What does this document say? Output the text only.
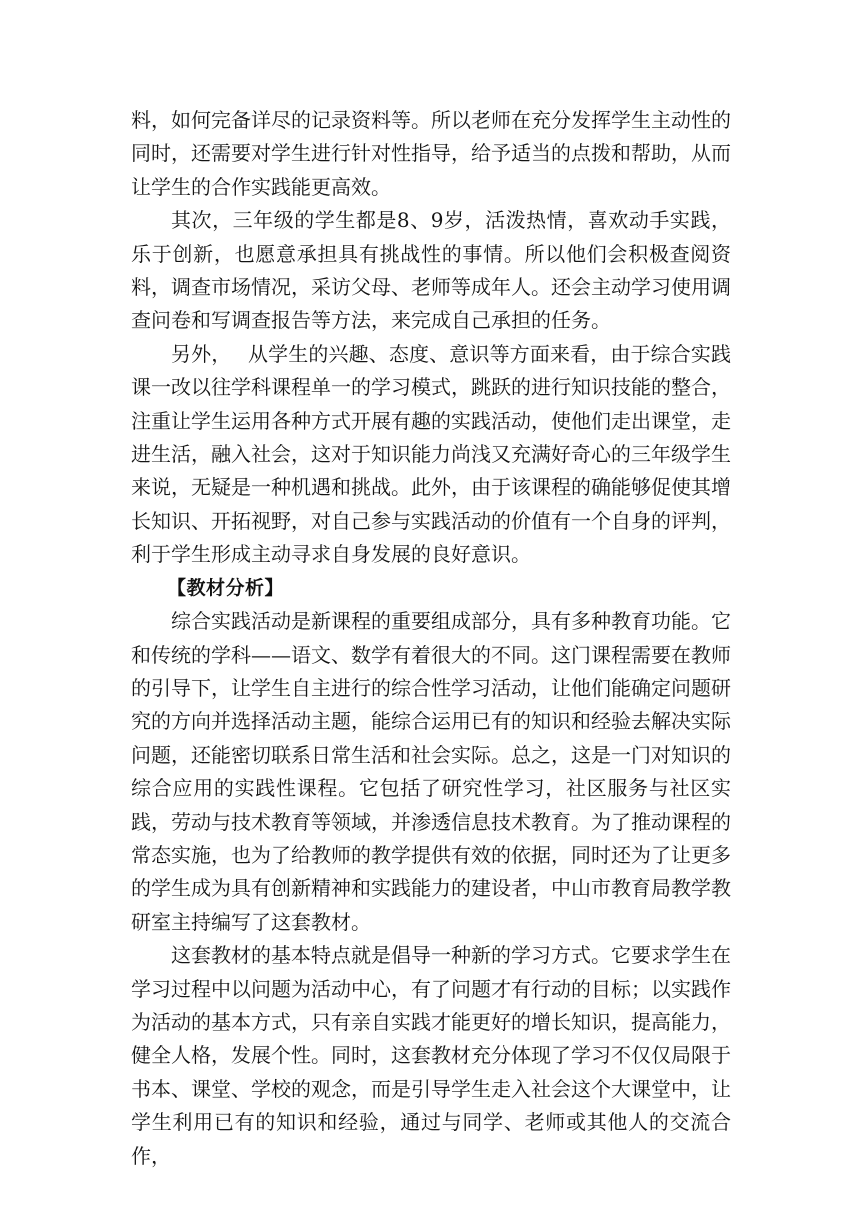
料，如何完备详尽的记录资料等。所以老师在充分发挥学生主动性的同时，还需要对学生进行针对性指导，给予适当的点拨和帮助，从而让学生的合作实践能更高效。

其次，三年级的学生都是8、9岁，活泼热情，喜欢动手实践，乐于创新，也愿意承担具有挑战性的事情。所以他们会积极查阅资料，调查市场情况，采访父母、老师等成年人。还会主动学习使用调查问卷和写调查报告等方法，来完成自己承担的任务。

另外，　 从学生的兴趣、态度、意识等方面来看，由于综合实践课一改以往学科课程单一的学习模式，跳跃的进行知识技能的整合，注重让学生运用各种方式开展有趣的实践活动，使他们走出课堂，走进生活，融入社会，这对于知识能力尚浅又充满好奇心的三年级学生来说，无疑是一种机遇和挑战。此外，由于该课程的确能够促使其增长知识、开拓视野，对自己参与实践活动的价值有一个自身的评判，利于学生形成主动寻求自身发展的良好意识。

【教材分析】

综合实践活动是新课程的重要组成部分，具有多种教育功能。它和传统的学科——语文、数学有着很大的不同。这门课程需要在教师的引导下，让学生自主进行的综合性学习活动，让他们能确定问题研究的方向并选择活动主题，能综合运用已有的知识和经验去解决实际问题，还能密切联系日常生活和社会实际。总之，这是一门对知识的综合应用的实践性课程。它包括了研究性学习，社区服务与社区实践，劳动与技术教育等领域，并渗透信息技术教育。为了推动课程的常态实施，也为了给教师的教学提供有效的依据，同时还为了让更多的学生成为具有创新精神和实践能力的建设者，中山市教育局教学教研室主持编写了这套教材。

这套教材的基本特点就是倡导一种新的学习方式。它要求学生在学习过程中以问题为活动中心，有了问题才有行动的目标；以实践作为活动的基本方式，只有亲自实践才能更好的增长知识，提高能力，健全人格，发展个性。同时，这套教材充分体现了学习不仅仅局限于书本、课堂、学校的观念，而是引导学生走入社会这个大课堂中，让学生利用已有的知识和经验，通过与同学、老师或其他人的交流合作，
